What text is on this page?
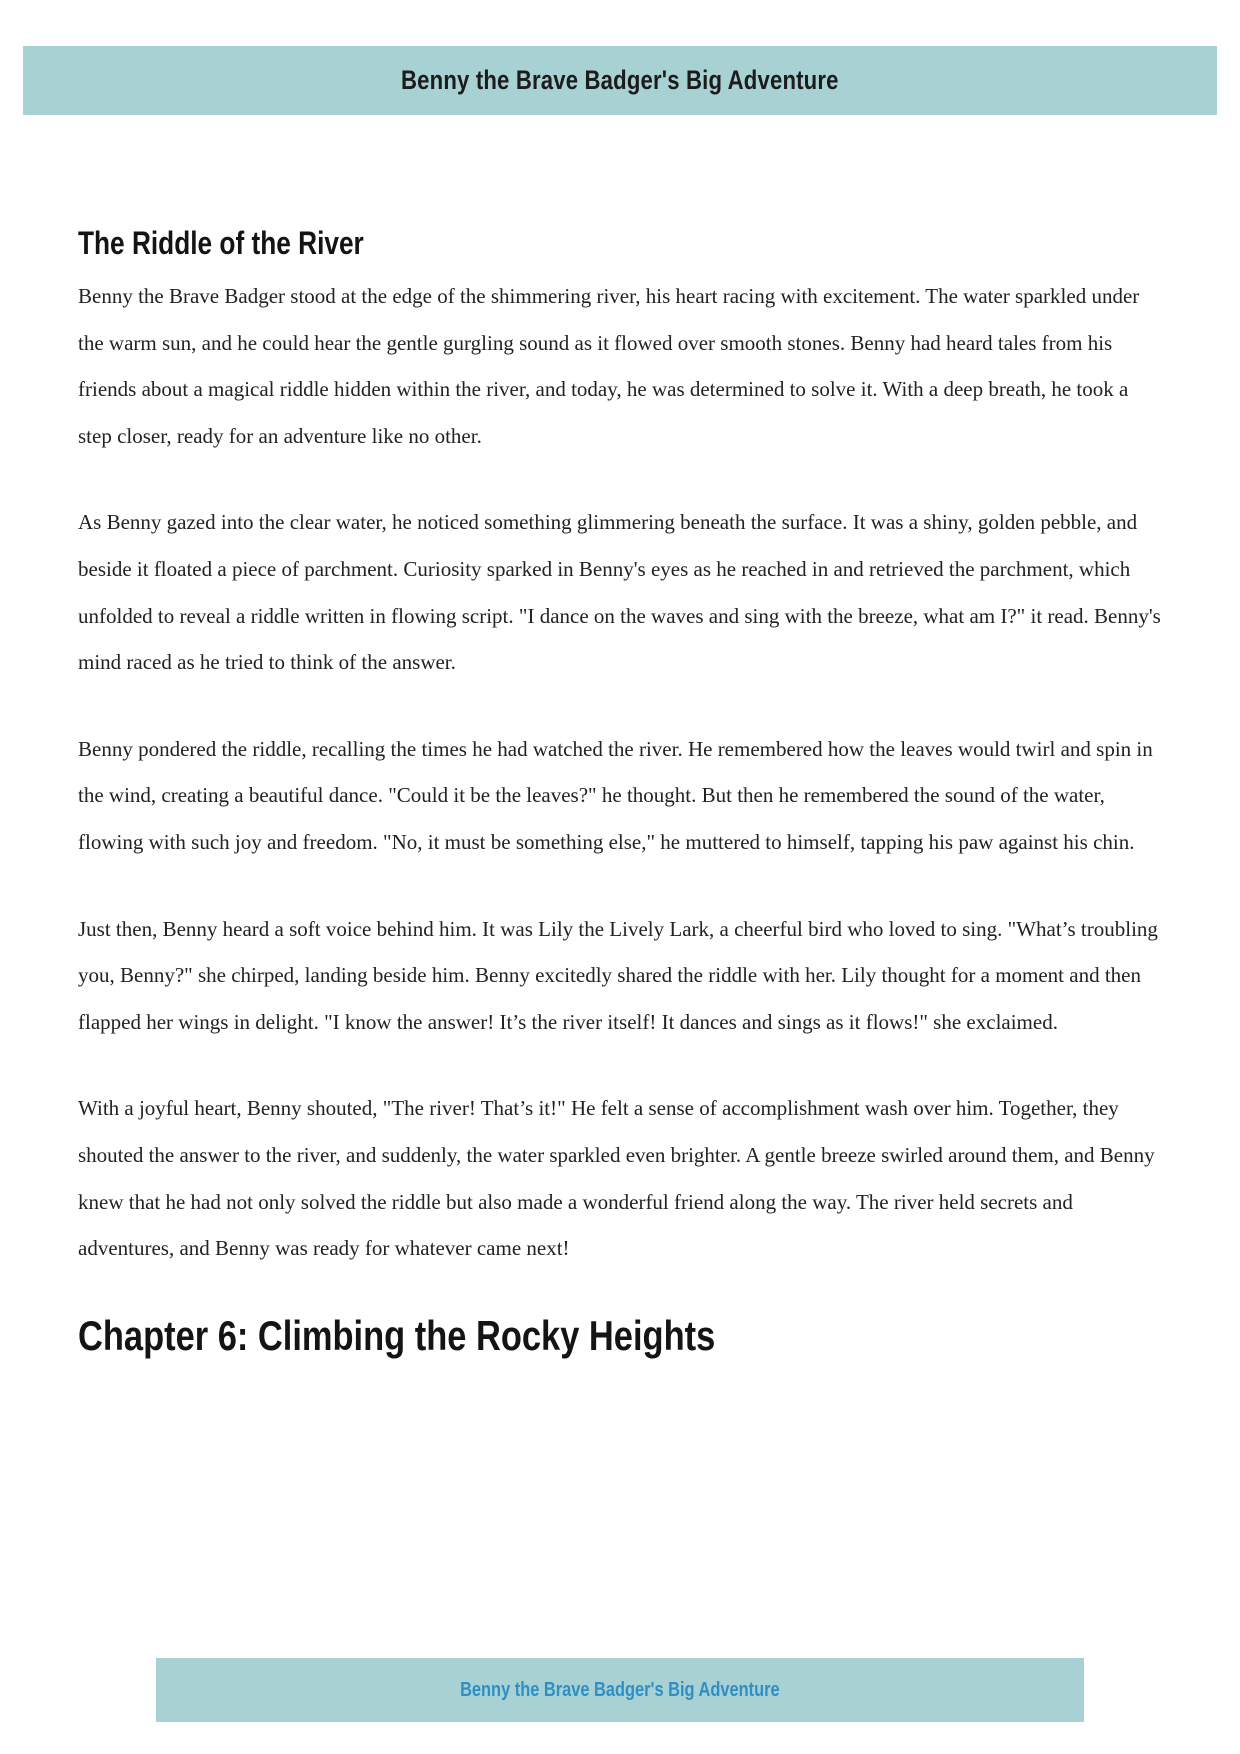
Benny the Brave Badger's Big Adventure
The Riddle of the River

Benny the Brave Badger stood at the edge of the shimmering river, his heart racing with excitement. The water sparkled under the warm sun, and he could hear the gentle gurgling sound as it flowed over smooth stones. Benny had heard tales from his friends about a magical riddle hidden within the river, and today, he was determined to solve it. With a deep breath, he took a step closer, ready for an adventure like no other.

As Benny gazed into the clear water, he noticed something glimmering beneath the surface. It was a shiny, golden pebble, and beside it floated a piece of parchment. Curiosity sparked in Benny's eyes as he reached in and retrieved the parchment, which unfolded to reveal a riddle written in flowing script. "I dance on the waves and sing with the breeze, what am I?" it read. Benny's mind raced as he tried to think of the answer.

Benny pondered the riddle, recalling the times he had watched the river. He remembered how the leaves would twirl and spin in the wind, creating a beautiful dance. "Could it be the leaves?" he thought. But then he remembered the sound of the water, flowing with such joy and freedom. "No, it must be something else," he muttered to himself, tapping his paw against his chin.

Just then, Benny heard a soft voice behind him. It was Lily the Lively Lark, a cheerful bird who loved to sing. "What’s troubling you, Benny?" she chirped, landing beside him. Benny excitedly shared the riddle with her. Lily thought for a moment and then flapped her wings in delight. "I know the answer! It’s the river itself! It dances and sings as it flows!" she exclaimed.

With a joyful heart, Benny shouted, "The river! That’s it!" He felt a sense of accomplishment wash over him. Together, they shouted the answer to the river, and suddenly, the water sparkled even brighter. A gentle breeze swirled around them, and Benny knew that he had not only solved the riddle but also made a wonderful friend along the way. The river held secrets and adventures, and Benny was ready for whatever came next!

Chapter 6: Climbing the Rocky Heights
Benny the Brave Badger's Big Adventure
